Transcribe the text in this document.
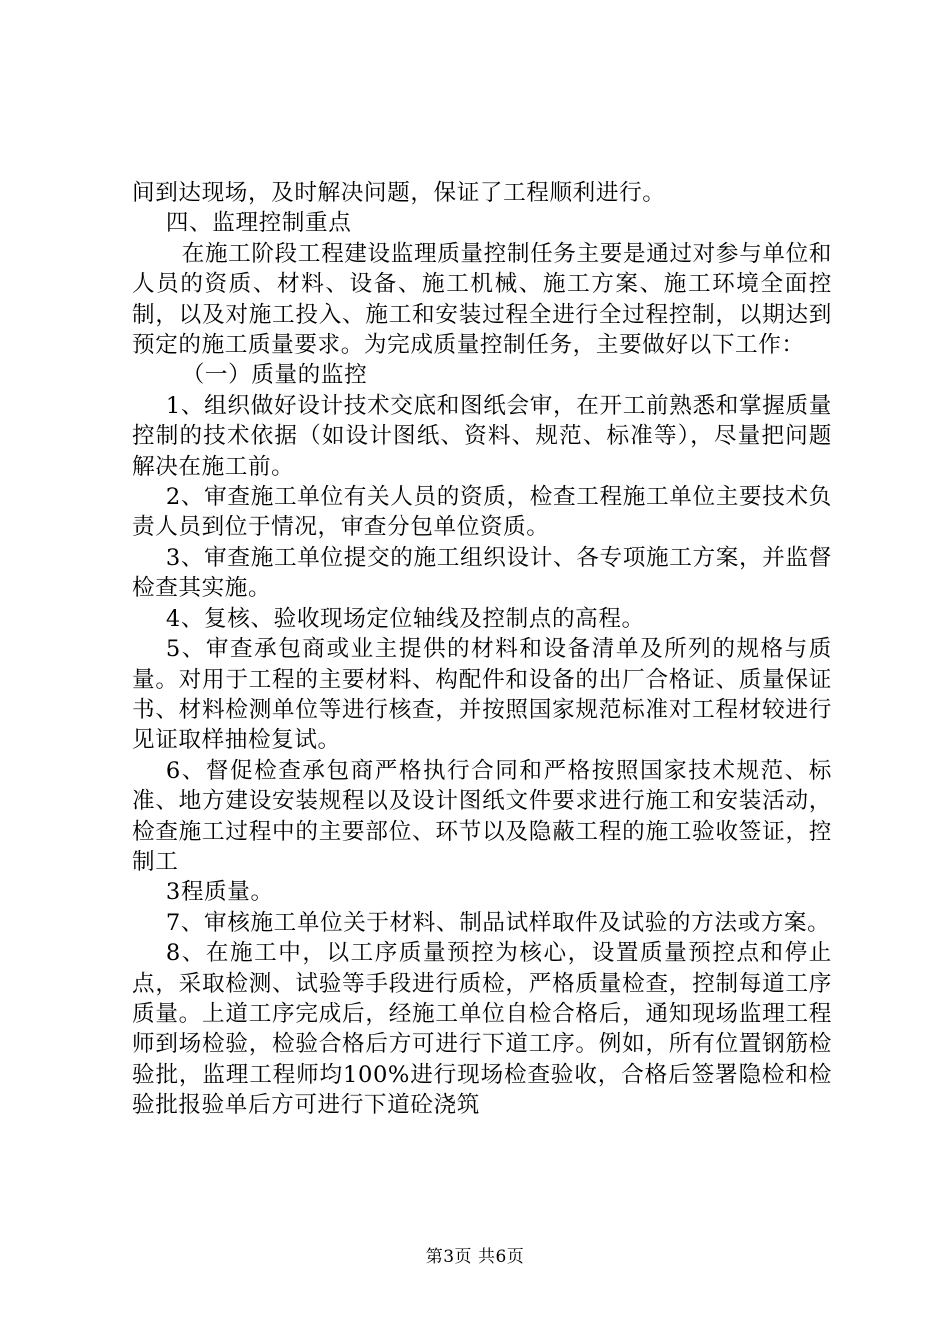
间到达现场，及时解决问题，保证了工程顺利进行。

四、监理控制重点

在施工阶段工程建设监理质量控制任务主要是通过对参与单位和人员的资质、材料、设备、施工机械、施工方案、施工环境全面控制，以及对施工投入、施工和安装过程全进行全过程控制，以期达到预定的施工质量要求。为完成质量控制任务，主要做好以下工作：

（一）质量的监控

1、组织做好设计技术交底和图纸会审，在开工前熟悉和掌握质量控制的技术依据（如设计图纸、资料、规范、标准等），尽量把问题解决在施工前。

2、审查施工单位有关人员的资质，检查工程施工单位主要技术负责人员到位于情况，审查分包单位资质。

3、审查施工单位提交的施工组织设计、各专项施工方案，并监督检查其实施。

4、复核、验收现场定位轴线及控制点的高程。

5、审查承包商或业主提供的材料和设备清单及所列的规格与质量。对用于工程的主要材料、构配件和设备的出厂合格证、质量保证书、材料检测单位等进行核查，并按照国家规范标准对工程材较进行见证取样抽检复试。

6、督促检查承包商严格执行合同和严格按照国家技术规范、标准、地方建设安装规程以及设计图纸文件要求进行施工和安装活动，检查施工过程中的主要部位、环节以及隐蔽工程的施工验收签证，控制工

3程质量。

7、审核施工单位关于材料、制品试样取件及试验的方法或方案。

8、在施工中，以工序质量预控为核心，设置质量预控点和停止点，采取检测、试验等手段进行质检，严格质量检查，控制每道工序质量。上道工序完成后，经施工单位自检合格后，通知现场监理工程师到场检验，检验合格后方可进行下道工序。例如，所有位置钢筋检验批，监理工程师均100%进行现场检查验收，合格后签署隐检和检验批报验单后方可进行下道砼浇筑

第3页 共6页
